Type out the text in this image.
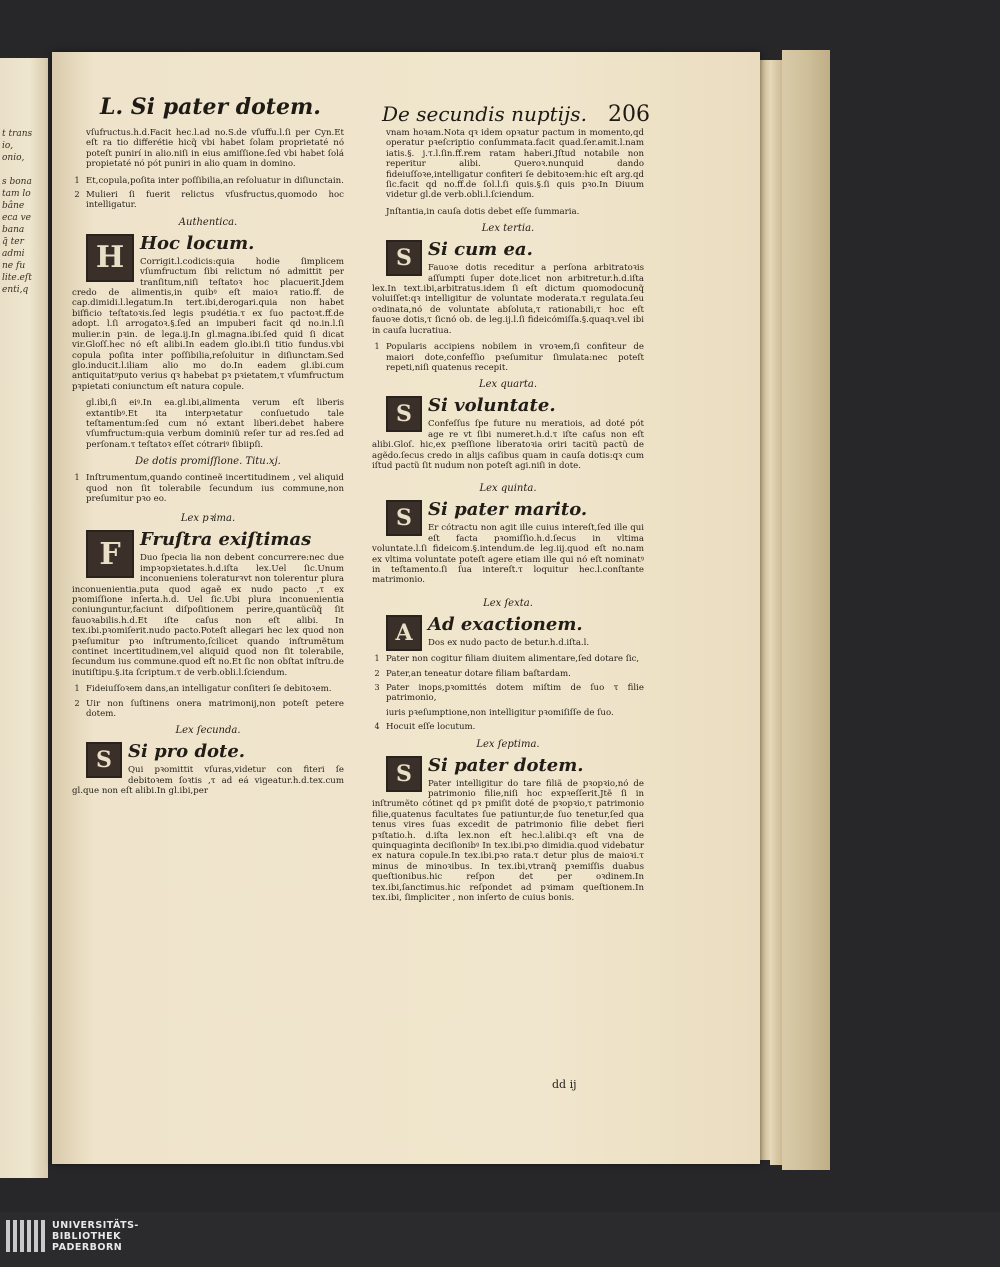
t trans
io,
onio,

s bona
tam lo
bâne
eca ve
bana
q̃ ter
admi
ne fu
lite.eſt
enti,q
L. Si pater dotem.	De secundis nuptijs. 206

vſufructus.h.d.Facit hec.l.ad no.S.de vſuffu.l.ſi per Cyn.Et eſt ra tio differétie hicq̃ vbi habet ſolam proprietaté nó poteſt punirí in alio.niſi in eius amiſſione.ſed vbi habet ſolá propietaté nó pót puniri in alio quam in domino.

1 Et,copula,poſita inter poſſibilia,an reſoluatur in diſiunctain.

2 Mulieri ſi fuerit relictus vſusfructus,quomodo hoc intelligatur.

Authentica.
H Hoc locum.

Corrigit.l.codicis:quia hodie ſimplicem vſumfructum ſibi relictum nó admittit per tranſitum,niſi teſtatoꝛ hoc placuerit.Jdem credo de alimentis,in quibꝰ eſt maioꝛ ratio.ff. de cap.dimidi.l.legatum.In tert.ibi,derogari.quia non habet biſficio teſtatoꝛis.ſed legis pꝛudétia.τ ex ſuo pactoꝛt.ff.de adopt. l.ſi arrogatoꝛ.§.ſed an impuberi facit qd no.in.l.ſi mulier.in pꝛin. de lega.ij.In gl.magna.ibi.ſed quid ſi dicat vir.Gloſſ.hec nó eſt alibi.In eadem glo.ibi.ſi titio fundus.vbi copula poſita inter poſſibilia,reſoluitur in diſiunctam.Sed glo.inducit.l.iliam alio mo do.In eadem gl.ibi.cum antiquitatꝰputo verius qꝛ habebat pꝛ pꝛietatem,τ vſumfructum pꝛpietati coniunctum eſt natura copule.

gl.ibi,ſi eiꝰ.In ea.gl.ibi,alimenta verum eſt liberis extantibꝰ.Et ita interpꝛetatur conſuetudo tale teſtamentum:ſed cum nó extant liberi.debet habere vſumfructum:quia verbum dominiũ reſer tur ad res.ſed ad perſonam.τ teſtatoꝛ eſſet cótrariꝰ ſibiipſi.

De dotis promiſſione. Titu.xj.

1 Inſtrumentum,quando contineẽ incertitudinem , vel aliquid quod non ſit tolerabile ſecundum ius commune,non preſumitur pꝛo eo.

Lex pꝛima.
F	Fruſtra exiſtimas

Duo ſpecia lia non debent concurrere:nec due impꝛopꝛietates.h.d.iſta lex.Uel ſic.Unum inconueniens toleraturꝛvt non tolerentur plura inconuenientia.puta quod agaẽ ex nudo pacto ,τ ex pꝛomiſſione inſerta.h.d. Uel ſic.Ubi plura inconuenientia coniunguntur,faciunt diſpoſitionem perire,quantũcũq̃ ſit fauoꝛabilis.h.d.Et iſte caſus non eſt alibi. In tex.ibi.pꝛomiſerit.nudo pacto.Poteſt allegari hec lex quod non pꝛeſumitur pꝛo inſtrumento,ſcilicet quando inſtrumẽtum continet incertitudinem,vel aliquid quod non ſit tolerabile, ſecundum ius commune.quod eſt no.Et ſic non obſtat inſtru.de inutiſtipu.§.ita ſcriptum.τ de verb.obli.l.ſciendum.

1 Fideiuſſoꝛem dans,an intelligatur conſiteri ſe debitoꝛem.

2 Uir non ſuſtinens onera matrimonij,non poteſt petere dotem.

Lex ſecunda.
S Si pro dote.

Qui pꝛomittit vſuras,videtur con fiteri ſe debitoꝛem ſoꝛtis ,τ ad eá vigeatur.h.d.tex.cum gl.que non eſt alibi.In gl.ibi,per

vnam hoꝛam.Nota qꝛ idem opꝛatur pactum in momento,qd operatur pꝛeſcriptio conſummata.facit quad.ſer.amit.l.nam iatis.§. j.τ.l.ſin.ff.rem ratam haberi.Jſtud notabile non reperitur alibi. Queroꝛ.nunquid dando fideiuſſoꝛe,intelligatur confiteri ſe debitoꝛem:hic eſt arg.qd ſic.facit qd no.ff.de ſol.l.ſi quis.§.ſi quis pꝛo.In Diuum videtur gl.de verb.obli.l.ſciendum.

Jnſtantia,in cauſa dotis debet eſſe ſummaria.

Lex tertia.
S Si cum ea.

Fauoꝛe dotis receditur a perſona arbitratoꝛis aſſumpti ſuper dote.licet non arbitretur.h.d.iſta lex.In text.ibi,arbitratus.idem ſi eſt dictum quomodocunq̃ voluiſſet:qꝛ intelligitur de voluntate moderata.τ regulata.ſeu oꝛdinata,nó de voluntate abſoluta,τ rationabili,τ hoc eſt fauoꝛe dotis,τ ſicnó ob. de leg.ij.l.ſi fideicómiſſa.§.quaqꝛ.vel ibi in cauſa lucratiua.

1 Popularis accipiens nobilem in vroꝛem,ſi confiteur de maiori dote,confeſſio pꝛeſumitur ſimulata:nec poteſt repeti,niſi quatenus recepit.

Lex quarta.
S Si voluntate.

Confeſſus ſpe future nu meratiois, ad doté pót age re vt ſibi numeret.h.d.τ iſte caſus non eſt alibi.Gloſ. hic,ex pꝛeſſione liberatoꝛia oriri tacitũ pactũ de agẽdo.ſecus credo in alijs caſibus quam in cauſa dotis:qꝛ cum iſtud pactũ ſit nudum non poteſt agi.niſi in dote.

Lex quinta.
S Si pater marito.

Er cótractu non agit ille cuius intereſt,ſed ille qui eſt facta pꝛomiſſio.h.d.ſecus in vltima voluntate.l.ſi fideicom.§.intendum.de leg.iij.quod eſt no.nam ex vltima voluntate poteſt agere etiam ille qui nó eſt nominatꝰ in teſtamento.ſi ſua intereſt.τ loquitur hec.l.conſtante matrimonio.

Lex ſexta.
A Ad exactionem.

Dos ex nudo pacto de betur.h.d.iſta.l.

1 Pater non cogitur filiam diuitem alimentare,ſed dotare ſic,

2 Pater,an teneatur dotare filiam baſtardam.

3 Pater inops,pꝛomittés dotem miſtim de ſuo τ filie patrimonio,

iuris pꝛeſumptione,non intelligitur pꝛomiſiſſe de ſuo.

4 Hocuit eſſe locutum.

Lex ſeptima.
S Si pater dotem.

Pater intelligitur do tare filiã de pꝛopꝛio,nó de patrimonio filie,niſi hoc expꝛeſſerit.Jtẽ ſi in inſtrumẽto cótinet qd pꝛ pmiſit doté de pꝛopꝛio,τ patrimonio filie,quatenus facultates ſue patiuntur,de ſuo tenetur,ſed qua tenus vires ſuas excedit de patrimonio filie debet fieri pꝛſtatio.h. d.iſta lex.non eſt hec.l.alibi.qꝛ eſt vna de quinquaginta deciſionibꝰ In tex.ibi.pꝛo dimidia.quod videbatur ex natura copule.In tex.ibi.pꝛo rata.τ detur plus de maioꝛi.τ minus de minoꝛibus. In tex.ibi,vtranq̃ pꝛemiſſis duabus queſtionibus.hic reſpon det per oꝛdinem.In tex.ibi,ſanctimus.hic reſpondet ad pꝛimam queſtionem.In tex.ibi, ſimpliciter , non inſerto de cuius bonis.

dd ij
UNIVERSITÄTS-
BIBLIOTHEK
PADERBORN
